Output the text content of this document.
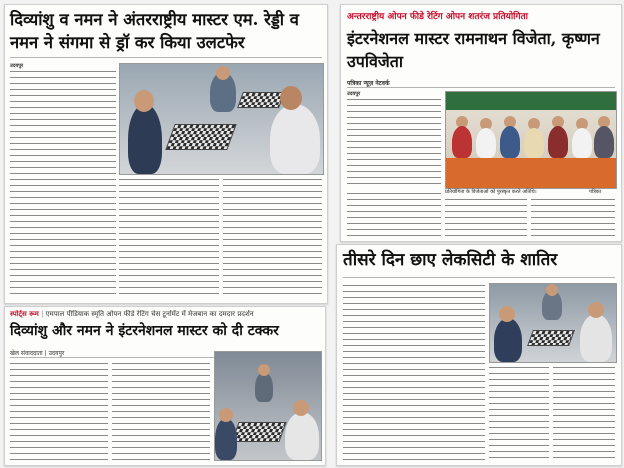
दिव्यांशु व नमन ने अंतरराष्ट्रीय मास्टर एम. रेड्डी व नमन ने संगमा से ड्रॉ कर किया उलटफेर
उदयपुर
अन्तरराष्ट्रीय ओपन फीडे रेटिंग ओपन शतरंज प्रतियोगिता
इंटरनेशनल मास्टर रामनाथन विजेता, कृष्णन उपविजेता
पत्रिका न्यूज़ नेटवर्क
उदयपुर
प्रतियोगिता के विजेताओं को पुरस्कृत करते अतिथि।	पत्रिका
स्पोर्ट्स रूम | एमपाल पीडियाक स्मृति ओपन फीडे रेटिंग चेस टूर्नामेंट में मेजबान का दमदार प्रदर्शन
दिव्यांशु और नमन ने इंटरनेशनल मास्टर को दी टक्कर
खेल संवाददाता | उदयपुर
तीसरे दिन छाए लेकसिटी के शातिर
